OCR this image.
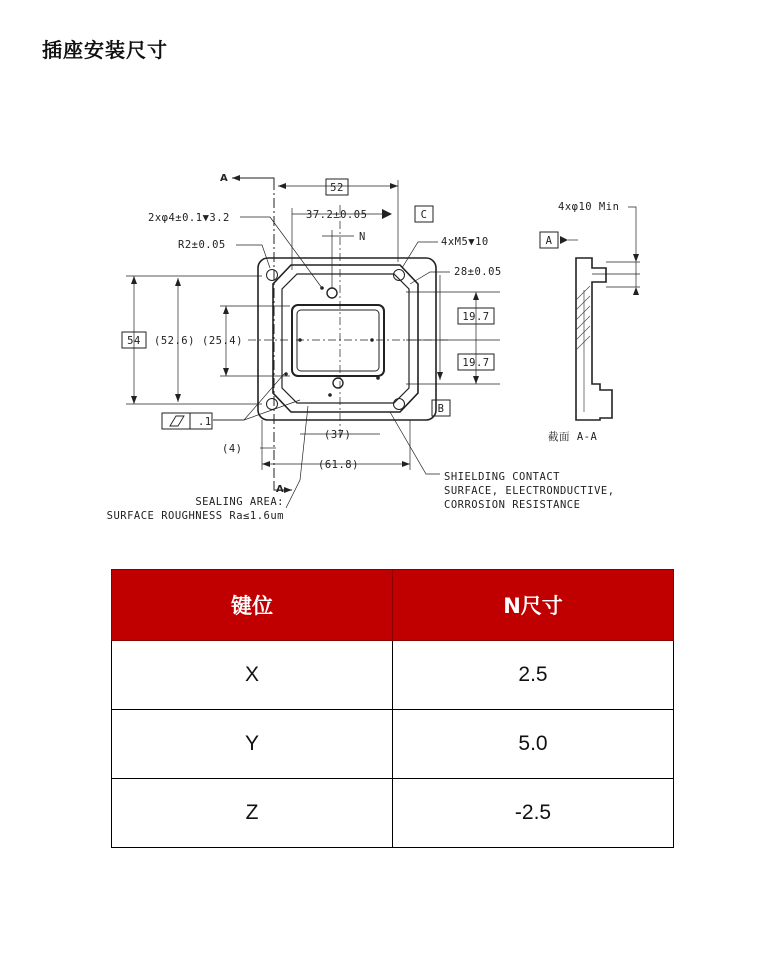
插座安装尺寸
A
A
52
37.2±0.05	C
2xφ4±0.1▼3.2
R2±0.05
N	4xM5▼10
28±0.05
19.7
19.7
54 (52.6) (25.4)
B
.1
(37)
(4)
(61.8)
SEALING AREA:
SURFACE ROUGHNESS Ra≤1.6um
SHIELDING CONTACT
SURFACE, ELECTRONDUCTIVE,
CORROSION RESISTANCE
4xφ10 Min
A
截面 A-A
键位	N尺寸
X	2.5
Y	5.0
Z	-2.5
